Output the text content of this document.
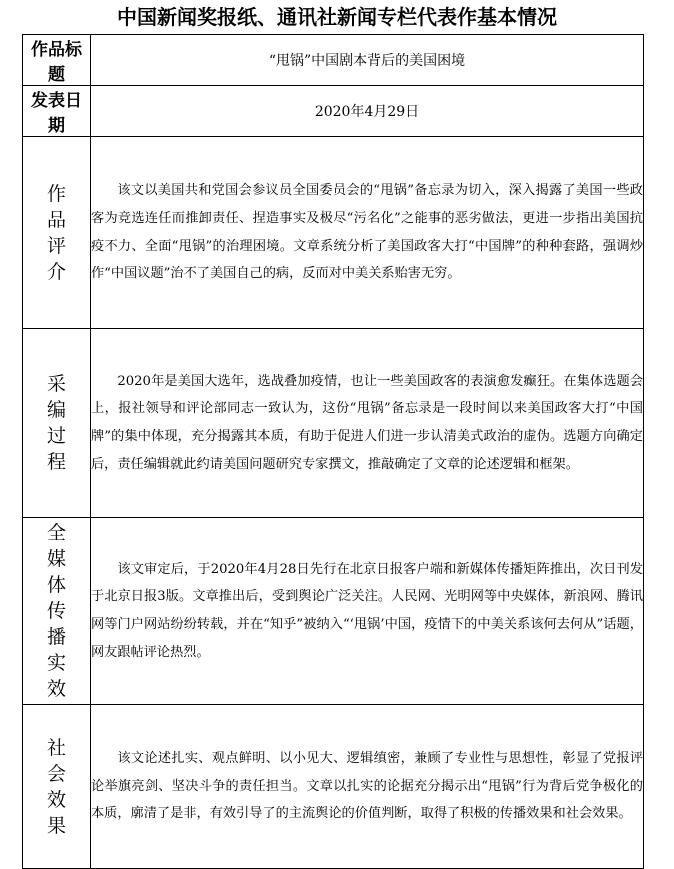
中国新闻奖报纸、通讯社新闻专栏代表作基本情况
作品标题	“甩锅”中国剧本背后的美国困境
发表日期	2020年4月29日
作品评介	该文以美国共和党国会参议员全国委员会的“甩锅”备忘录为切入，深入揭露了美国一些政客为竞选连任而推卸责任、捏造事实及极尽“污名化”之能事的恶劣做法，更进一步指出美国抗疫不力、全面“甩锅”的治理困境。文章系统分析了美国政客大打“中国牌”的种种套路，强调炒作“中国议题”治不了美国自己的病，反而对中美关系贻害无穷。

采编过程	2020年是美国大选年，选战叠加疫情，也让一些美国政客的表演愈发癫狂。在集体选题会上，报社领导和评论部同志一致认为，这份“甩锅”备忘录是一段时间以来美国政客大打“中国牌”的集中体现，充分揭露其本质，有助于促进人们进一步认清美式政治的虚伪。选题方向确定后，责任编辑就此约请美国问题研究专家撰文，推敲确定了文章的论述逻辑和框架。

全媒体传播实效	该文审定后，于2020年4月28日先行在北京日报客户端和新媒体传播矩阵推出，次日刊发于北京日报3版。文章推出后，受到舆论广泛关注。人民网、光明网等中央媒体，新浪网、腾讯网等门户网站纷纷转载，并在“知乎”被纳入“‘甩锅’中国，疫情下的中美关系该何去何从”话题，网友跟帖评论热烈。

社会效果	该文论述扎实、观点鲜明、以小见大、逻辑缜密，兼顾了专业性与思想性，彰显了党报评论举旗亮剑、坚决斗争的责任担当。文章以扎实的论据充分揭示出“甩锅”行为背后党争极化的本质，廓清了是非，有效引导了的主流舆论的价值判断，取得了积极的传播效果和社会效果。
